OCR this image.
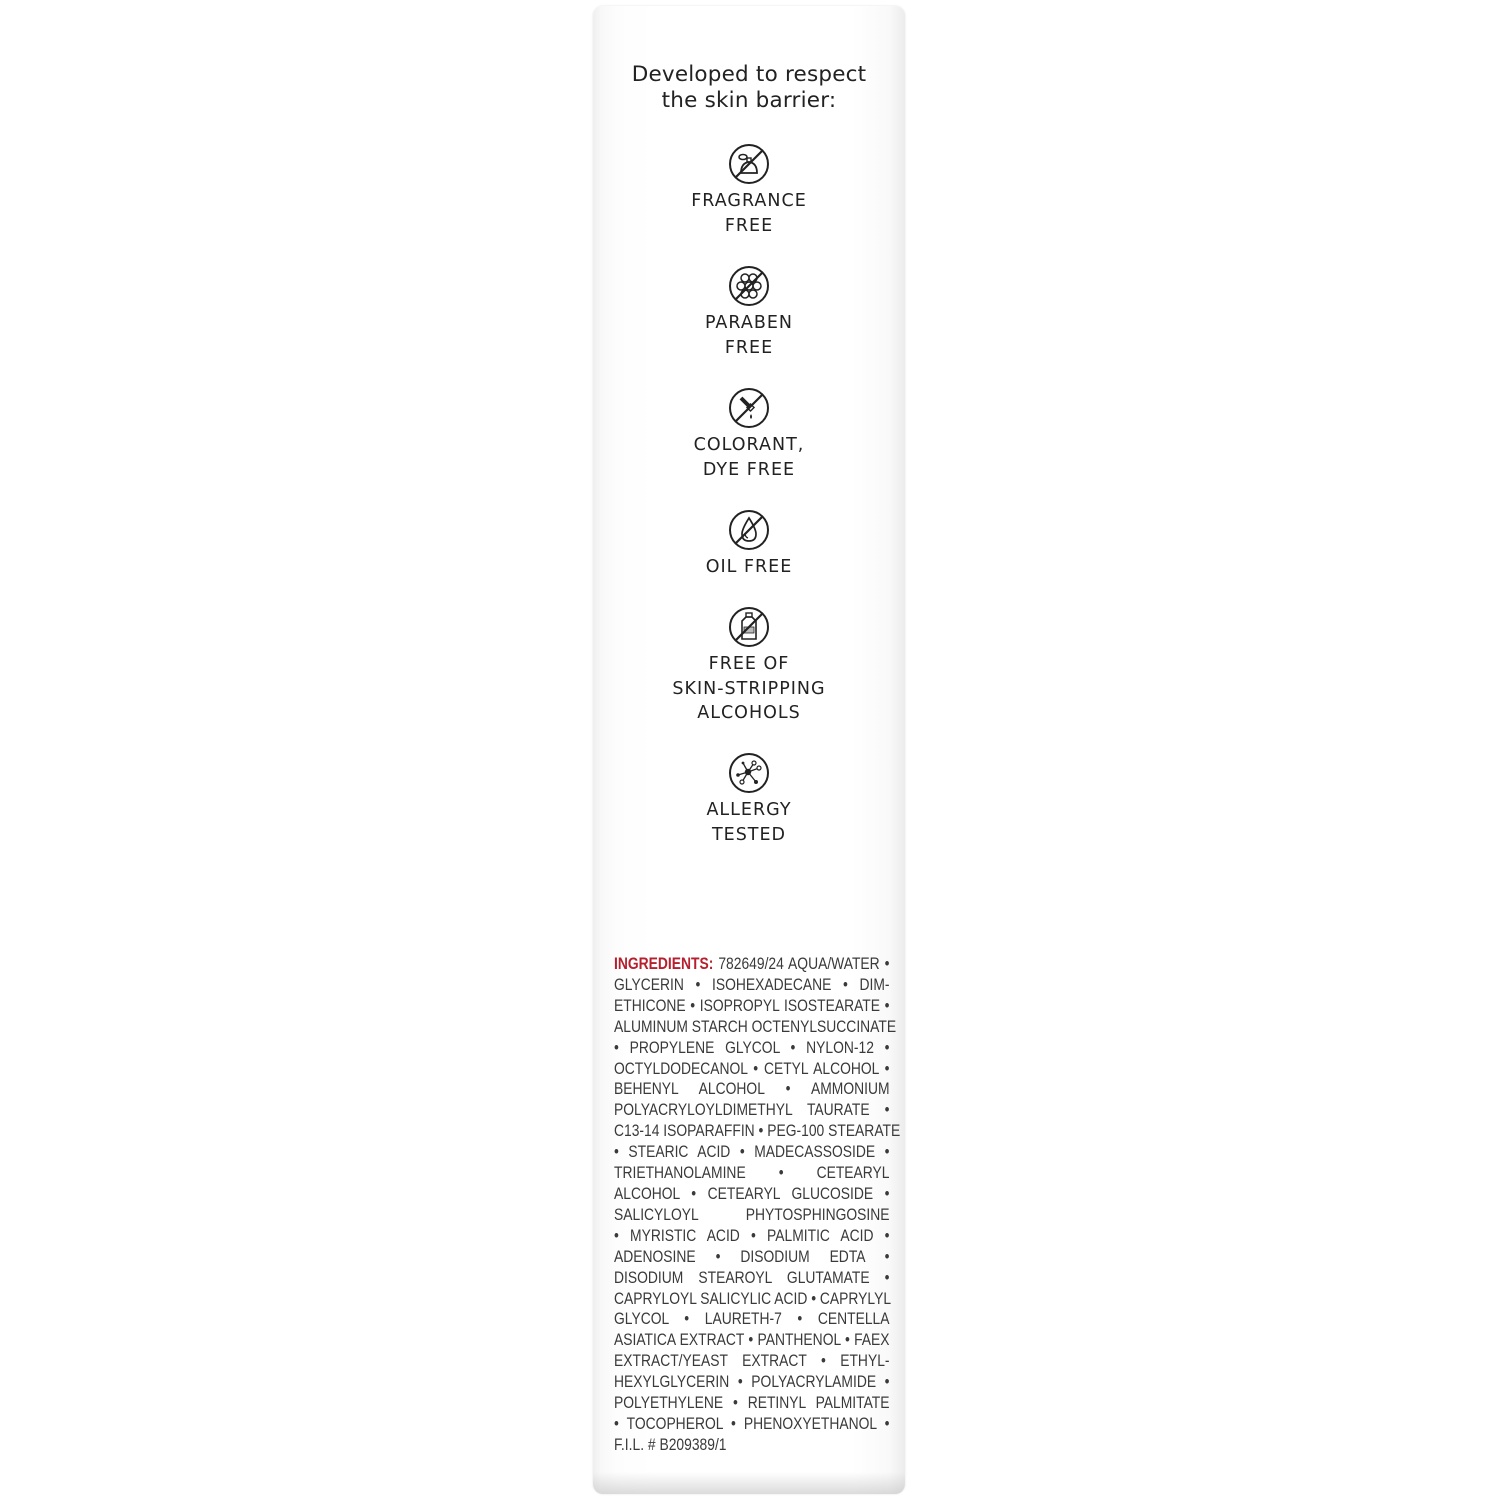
Developed to respect
the skin barrier:
FRAGRANCE
FREE
PARABEN
FREE
COLORANT,
DYE FREE
OIL FREE
FREE OF
SKIN-STRIPPING
ALCOHOLS
ALLERGY
TESTED
INGREDIENTS: 782649/24 AQUA/WATER •
GLYCERIN • ISOHEXADECANE • DIM-
ETHICONE • ISOPROPYL ISOSTEARATE •
ALUMINUM STARCH OCTENYLSUCCINATE
• PROPYLENE GLYCOL • NYLON-12 •
OCTYLDODECANOL • CETYL ALCOHOL •
BEHENYL ALCOHOL • AMMONIUM
POLYACRYLOYLDIMETHYL TAURATE •
C13-14 ISOPARAFFIN • PEG-100 STEARATE
• STEARIC ACID • MADECASSOSIDE •
TRIETHANOLAMINE • CETEARYL
ALCOHOL • CETEARYL GLUCOSIDE •
SALICYLOYL PHYTOSPHINGOSINE
• MYRISTIC ACID • PALMITIC ACID •
ADENOSINE • DISODIUM EDTA •
DISODIUM STEAROYL GLUTAMATE •
CAPRYLOYL SALICYLIC ACID • CAPRYLYL
GLYCOL • LAURETH-7 • CENTELLA
ASIATICA EXTRACT • PANTHENOL • FAEX
EXTRACT/YEAST EXTRACT • ETHYL-
HEXYLGLYCERIN • POLYACRYLAMIDE •
POLYETHYLENE • RETINYL PALMITATE
• TOCOPHEROL • PHENOXYETHANOL •
F.I.L. # B209389/1
